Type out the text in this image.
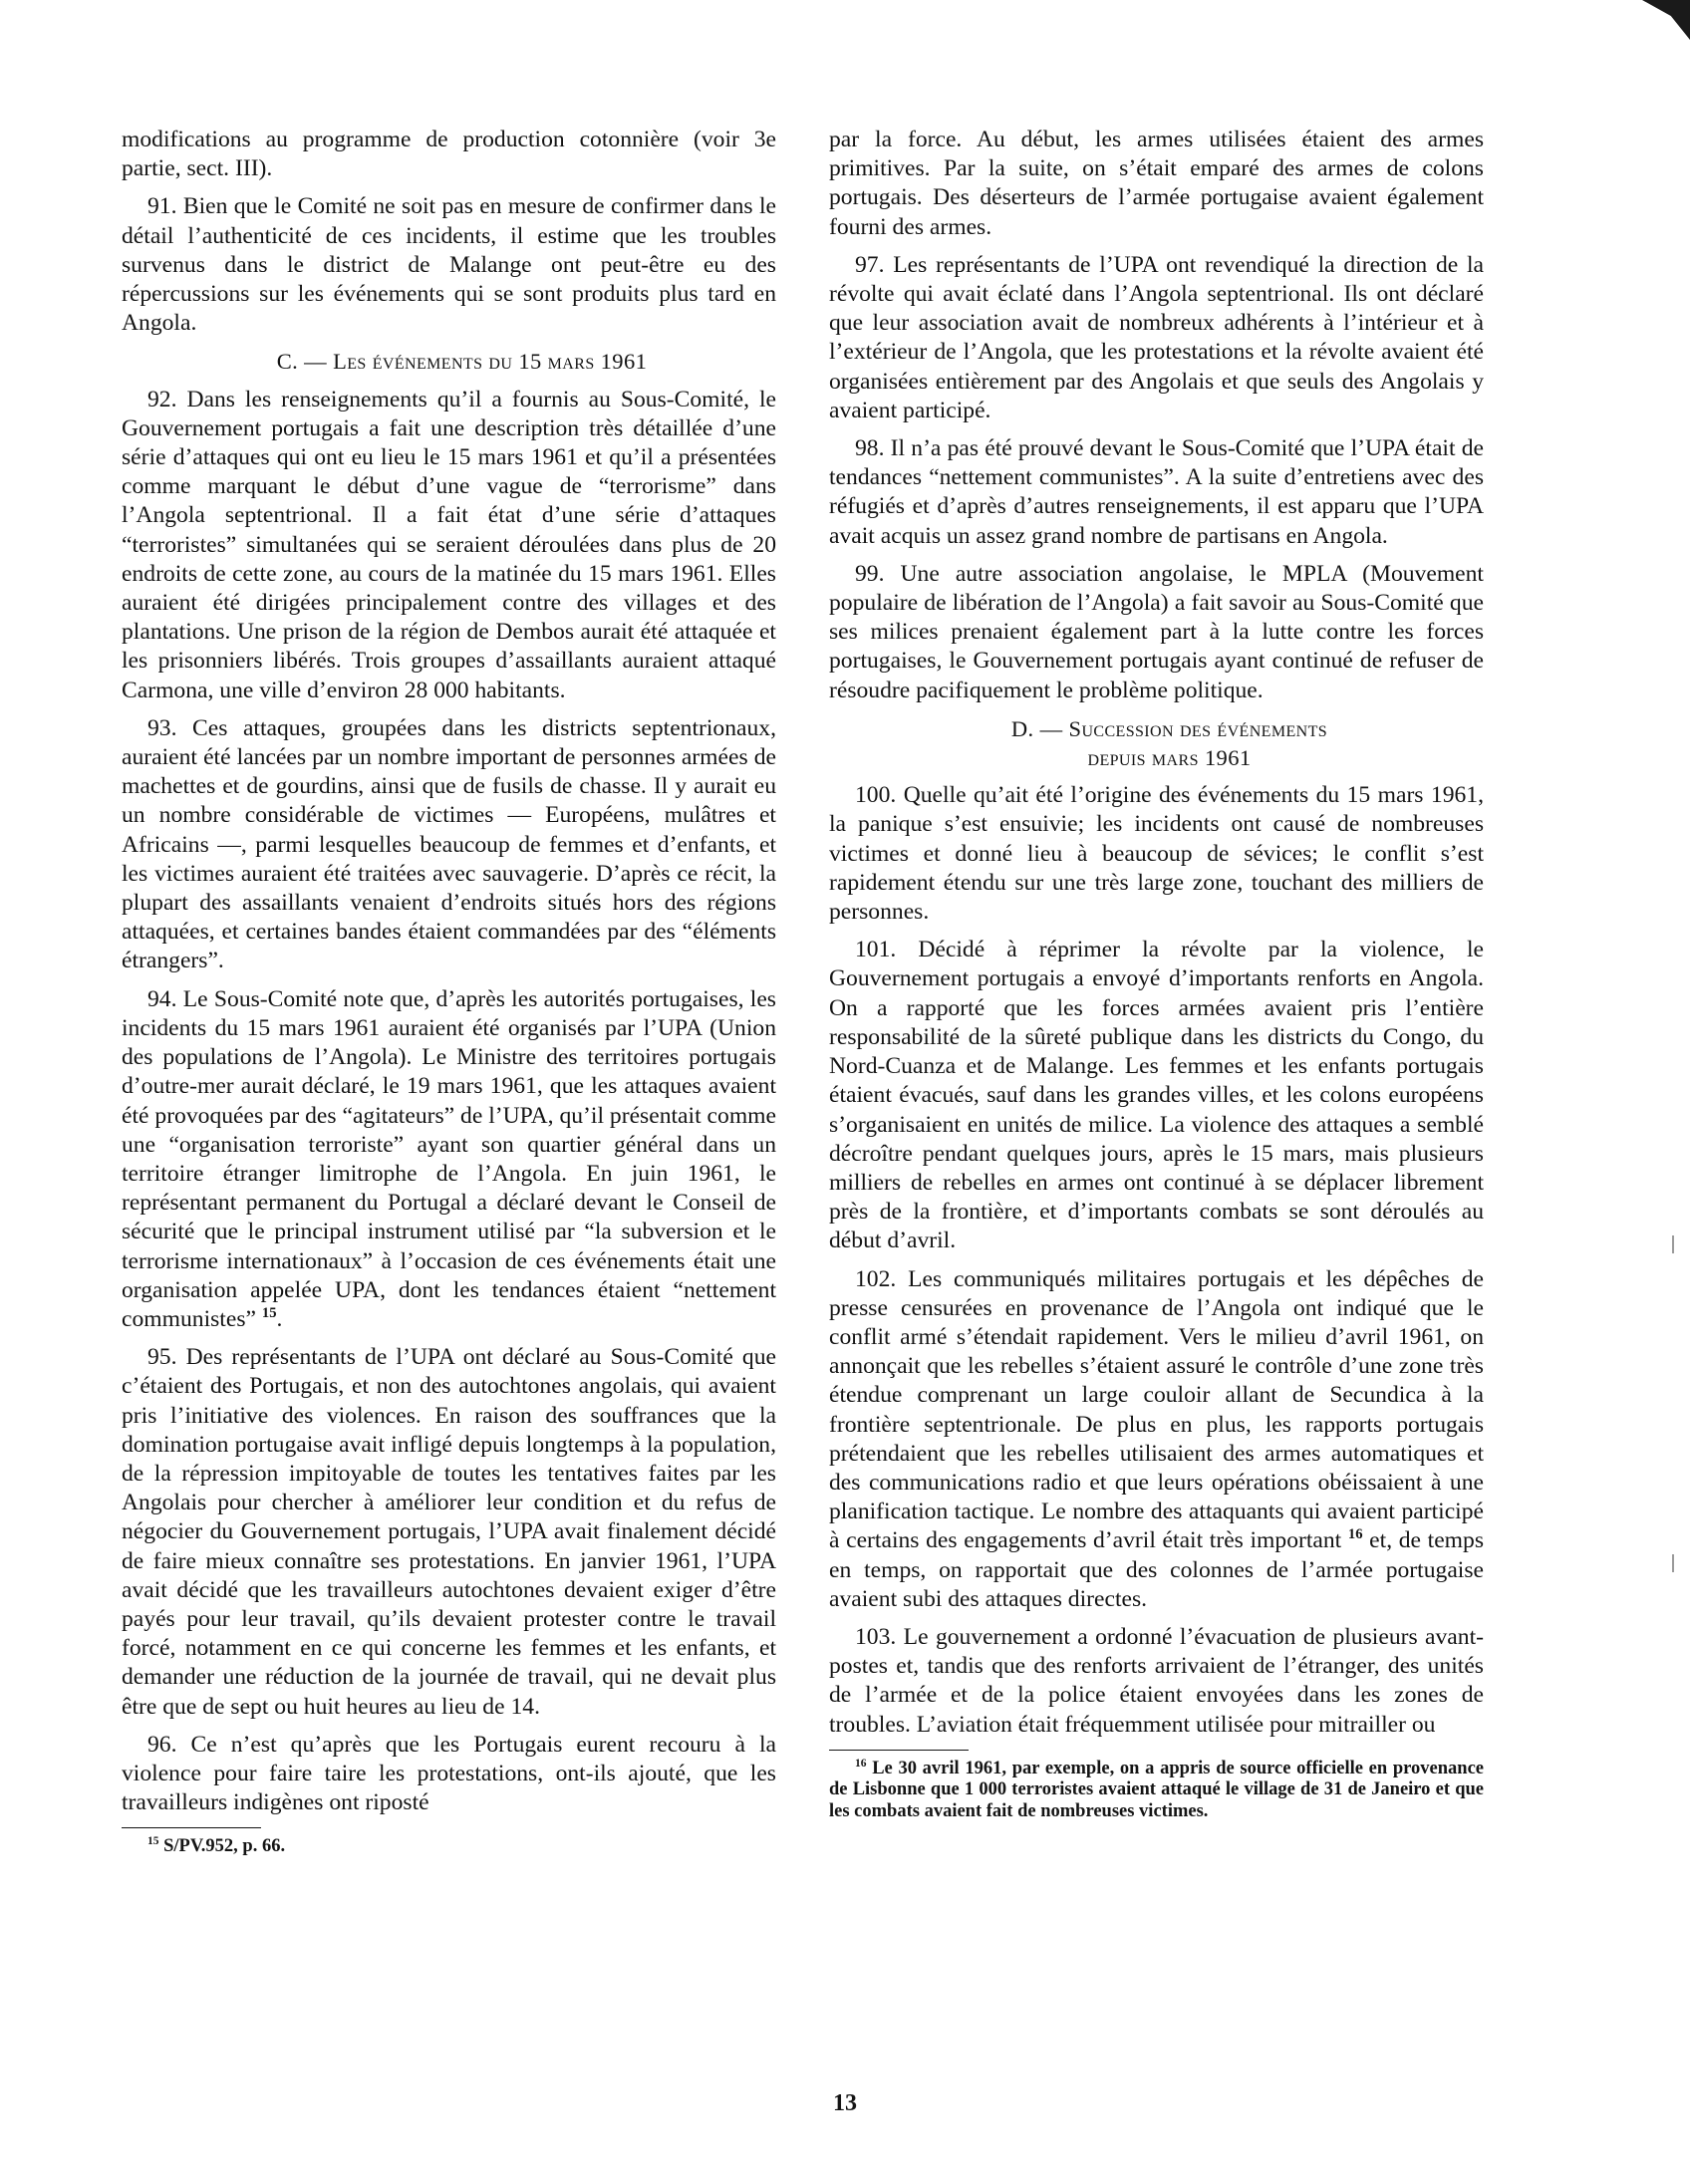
modifications au programme de production cotonnière (voir 3e partie, sect. III).

91. Bien que le Comité ne soit pas en mesure de confirmer dans le détail l’authenticité de ces incidents, il estime que les troubles survenus dans le district de Malange ont peut-être eu des répercussions sur les événements qui se sont produits plus tard en Angola.

C. — Les événements du 15 mars 1961

92. Dans les renseignements qu’il a fournis au Sous-Comité, le Gouvernement portugais a fait une description très détaillée d’une série d’attaques qui ont eu lieu le 15 mars 1961 et qu’il a présentées comme marquant le début d’une vague de “terrorisme” dans l’Angola septentrional. Il a fait état d’une série d’attaques “terroristes” simultanées qui se seraient déroulées dans plus de 20 endroits de cette zone, au cours de la matinée du 15 mars 1961. Elles auraient été dirigées principalement contre des villages et des plantations. Une prison de la région de Dembos aurait été attaquée et les prisonniers libérés. Trois groupes d’assaillants auraient attaqué Carmona, une ville d’environ 28 000 habitants.

93. Ces attaques, groupées dans les districts septentrionaux, auraient été lancées par un nombre important de personnes armées de machettes et de gourdins, ainsi que de fusils de chasse. Il y aurait eu un nombre considérable de victimes — Européens, mulâtres et Africains —, parmi lesquelles beaucoup de femmes et d’enfants, et les victimes auraient été traitées avec sauvagerie. D’après ce récit, la plupart des assaillants venaient d’endroits situés hors des régions attaquées, et certaines bandes étaient commandées par des “éléments étrangers”.

94. Le Sous-Comité note que, d’après les autorités portugaises, les incidents du 15 mars 1961 auraient été organisés par l’UPA (Union des populations de l’Angola). Le Ministre des territoires portugais d’outre-mer aurait déclaré, le 19 mars 1961, que les attaques avaient été provoquées par des “agitateurs” de l’UPA, qu’il présentait comme une “organisation terroriste” ayant son quartier général dans un territoire étranger limitrophe de l’Angola. En juin 1961, le représentant permanent du Portugal a déclaré devant le Conseil de sécurité que le principal instrument utilisé par “la subversion et le terrorisme internationaux” à l’occasion de ces événements était une organisation appelée UPA, dont les tendances étaient “nettement communistes” $^{15}$.

95. Des représentants de l’UPA ont déclaré au Sous-Comité que c’étaient des Portugais, et non des autochtones angolais, qui avaient pris l’initiative des violences. En raison des souffrances que la domination portugaise avait infligé depuis longtemps à la population, de la répression impitoyable de toutes les tentatives faites par les Angolais pour chercher à améliorer leur condition et du refus de négocier du Gouvernement portugais, l’UPA avait finalement décidé de faire mieux connaître ses protestations. En janvier 1961, l’UPA avait décidé que les travailleurs autochtones devaient exiger d’être payés pour leur travail, qu’ils devaient protester contre le travail forcé, notamment en ce qui concerne les femmes et les enfants, et demander une réduction de la journée de travail, qui ne devait plus être que de sept ou huit heures au lieu de 14.

96. Ce n’est qu’après que les Portugais eurent recouru à la violence pour faire taire les protestations, ont-ils ajouté, que les travailleurs indigènes ont riposté

$^{15}$ S/PV.952, p. 66.

par la force. Au début, les armes utilisées étaient des armes primitives. Par la suite, on s’était emparé des armes de colons portugais. Des déserteurs de l’armée portugaise avaient également fourni des armes.

97. Les représentants de l’UPA ont revendiqué la direction de la révolte qui avait éclaté dans l’Angola septentrional. Ils ont déclaré que leur association avait de nombreux adhérents à l’intérieur et à l’extérieur de l’Angola, que les protestations et la révolte avaient été organisées entièrement par des Angolais et que seuls des Angolais y avaient participé.

98. Il n’a pas été prouvé devant le Sous-Comité que l’UPA était de tendances “nettement communistes”. A la suite d’entretiens avec des réfugiés et d’après d’autres renseignements, il est apparu que l’UPA avait acquis un assez grand nombre de partisans en Angola.

99. Une autre association angolaise, le MPLA (Mouvement populaire de libération de l’Angola) a fait savoir au Sous-Comité que ses milices prenaient également part à la lutte contre les forces portugaises, le Gouvernement portugais ayant continué de refuser de résoudre pacifiquement le problème politique.

D. — Succession des événements
depuis mars 1961

100. Quelle qu’ait été l’origine des événements du 15 mars 1961, la panique s’est ensuivie; les incidents ont causé de nombreuses victimes et donné lieu à beaucoup de sévices; le conflit s’est rapidement étendu sur une très large zone, touchant des milliers de personnes.

101. Décidé à réprimer la révolte par la violence, le Gouvernement portugais a envoyé d’importants renforts en Angola. On a rapporté que les forces armées avaient pris l’entière responsabilité de la sûreté publique dans les districts du Congo, du Nord-Cuanza et de Malange. Les femmes et les enfants portugais étaient évacués, sauf dans les grandes villes, et les colons européens s’organisaient en unités de milice. La violence des attaques a semblé décroître pendant quelques jours, après le 15 mars, mais plusieurs milliers de rebelles en armes ont continué à se déplacer librement près de la frontière, et d’importants combats se sont déroulés au début d’avril.

102. Les communiqués militaires portugais et les dépêches de presse censurées en provenance de l’Angola ont indiqué que le conflit armé s’étendait rapidement. Vers le milieu d’avril 1961, on annonçait que les rebelles s’étaient assuré le contrôle d’une zone très étendue comprenant un large couloir allant de Secundica à la frontière septentrionale. De plus en plus, les rapports portugais prétendaient que les rebelles utilisaient des armes automatiques et des communications radio et que leurs opérations obéissaient à une planification tactique. Le nombre des attaquants qui avaient participé à certains des engagements d’avril était très important $^{16}$ et, de temps en temps, on rapportait que des colonnes de l’armée portugaise avaient subi des attaques directes.

103. Le gouvernement a ordonné l’évacuation de plusieurs avant-postes et, tandis que des renforts arrivaient de l’étranger, des unités de l’armée et de la police étaient envoyées dans les zones de troubles. L’aviation était fréquemment utilisée pour mitrailler ou

$^{16}$ Le 30 avril 1961, par exemple, on a appris de source officielle en provenance de Lisbonne que 1 000 terroristes avaient attaqué le village de 31 de Janeiro et que les combats avaient fait de nombreuses victimes.

13
